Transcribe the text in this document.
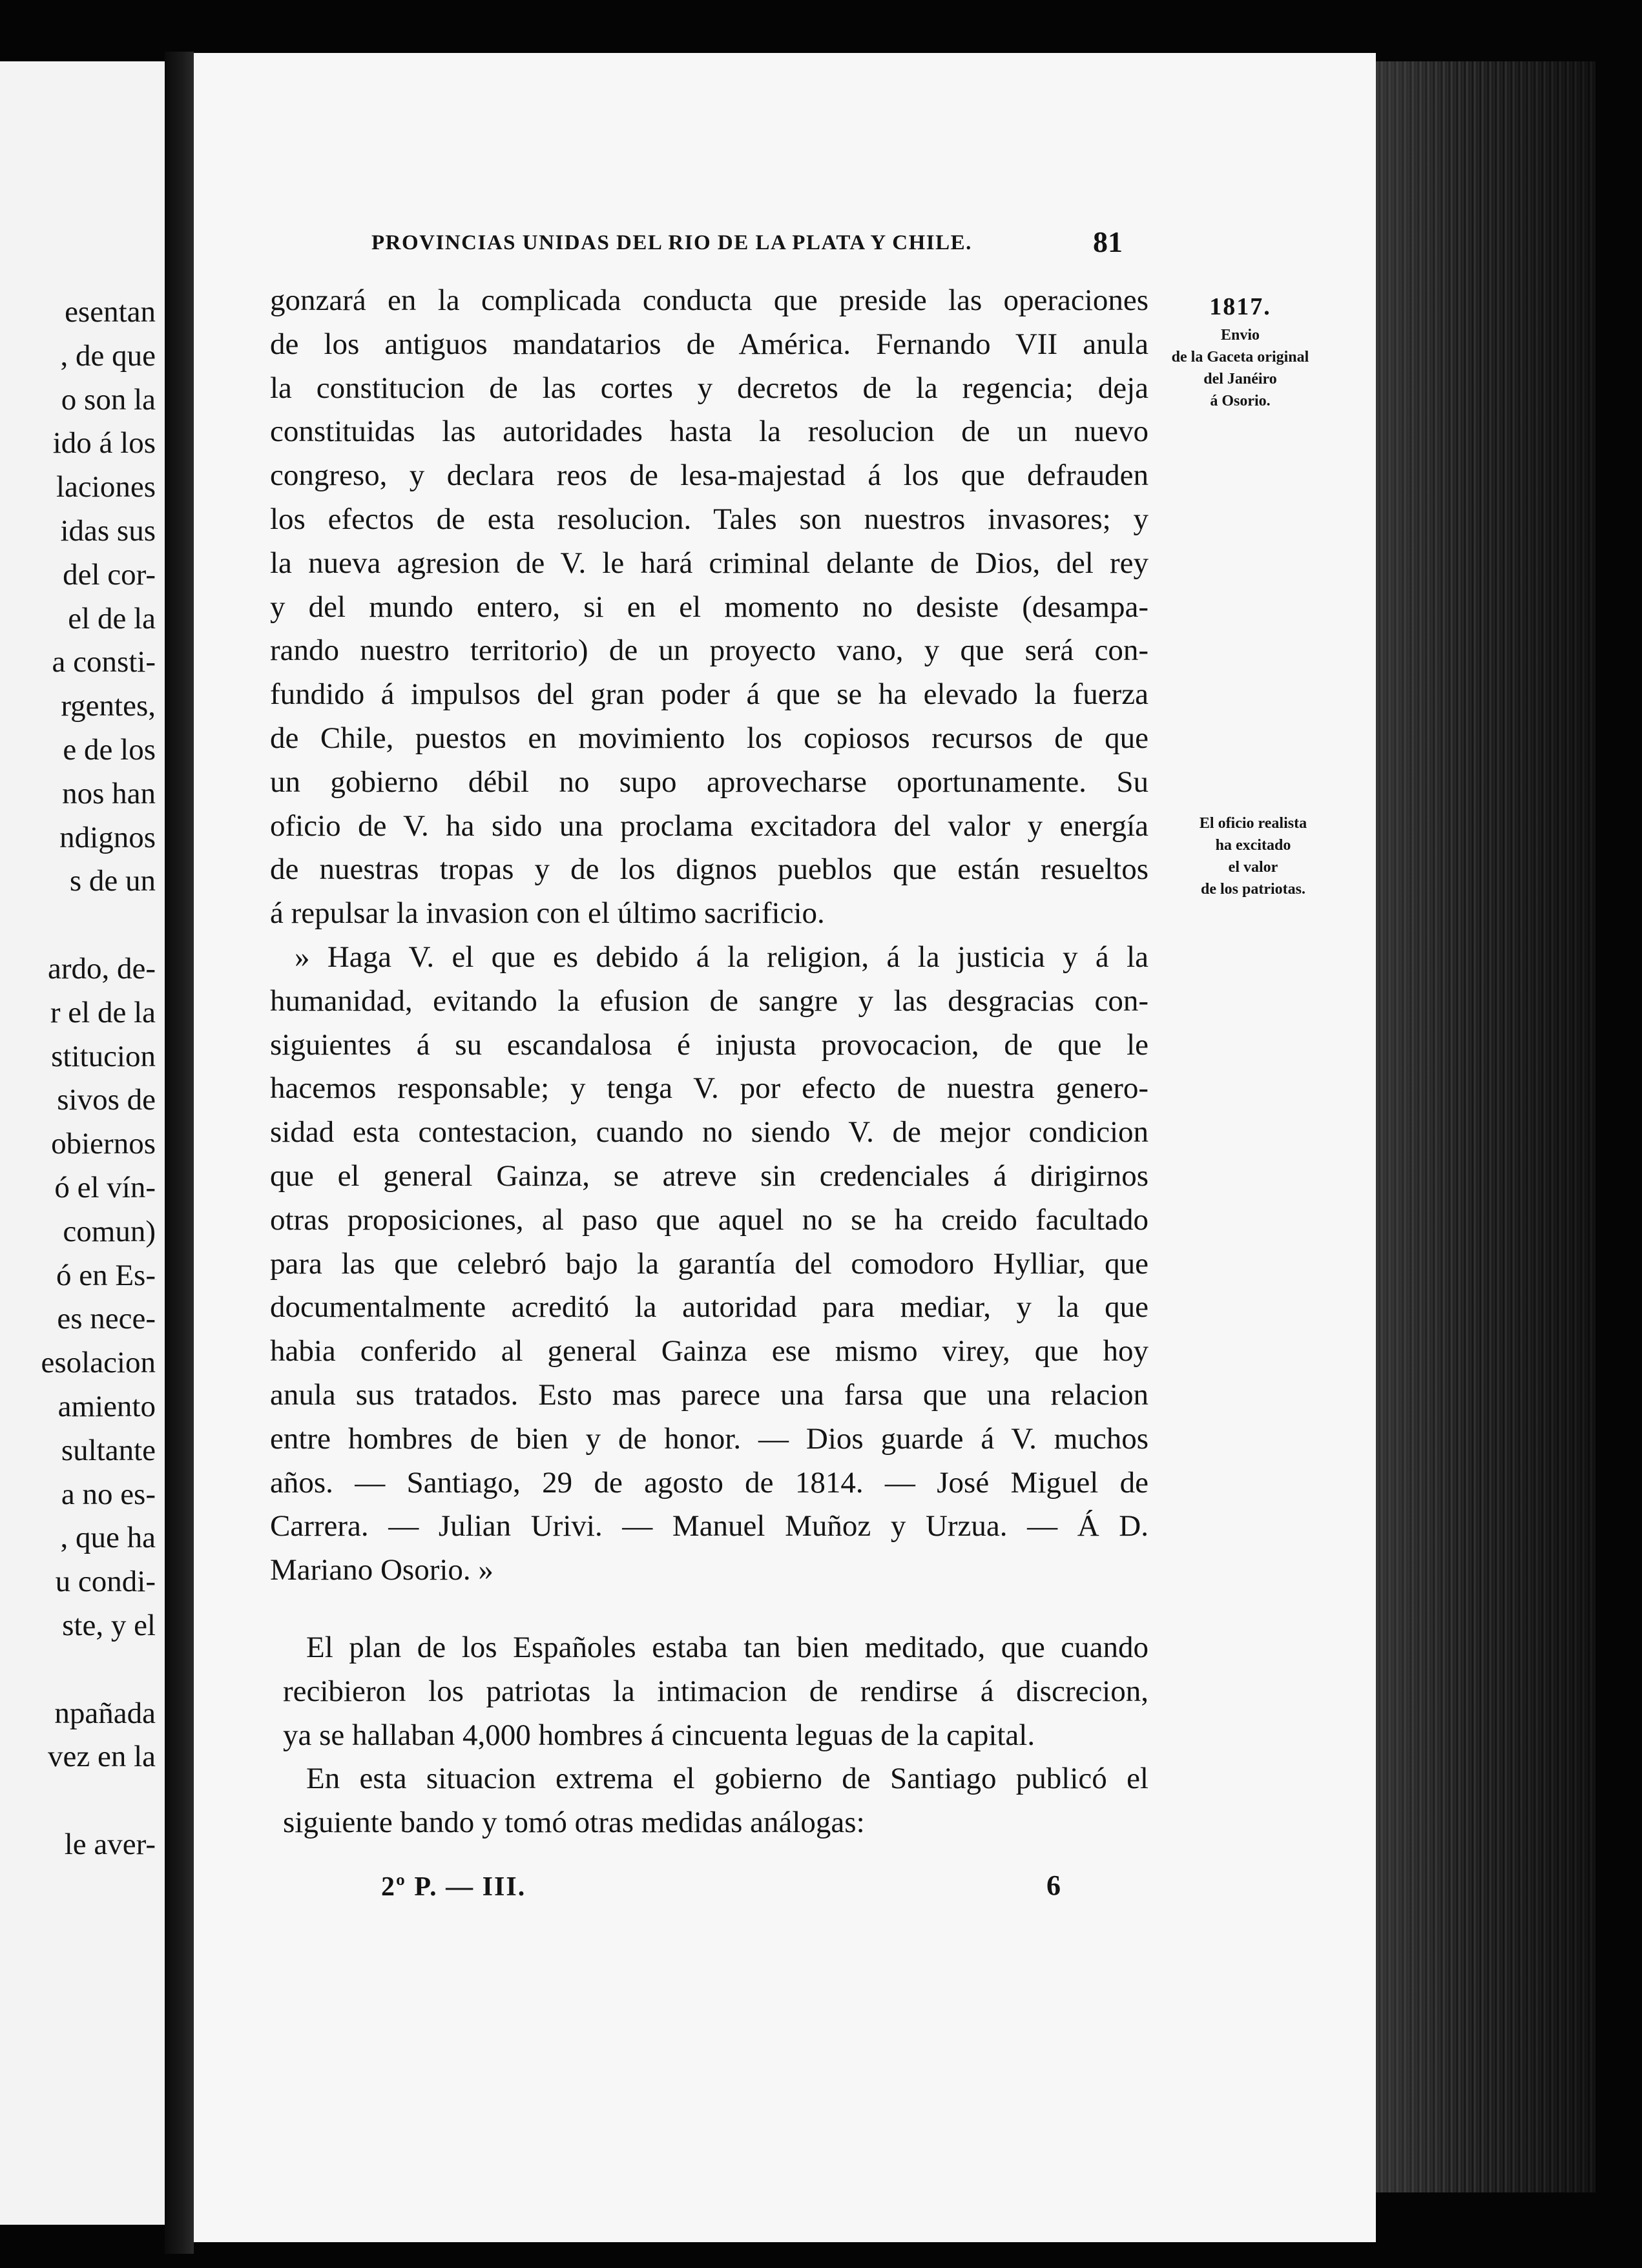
esentan
, de que
o son la
ido á los
laciones
idas sus
del cor-
el de la
a consti-
rgentes,
e de los
nos han
ndignos
s de un
ardo, de-
r el de la
stitucion
sivos de
obiernos
ó el vín-
comun)
ó en Es-
es nece-
esolacion
amiento
sultante
a no es-
, que ha
u condi-
ste, y el
npañada
vez en la
le aver-
PROVINCIAS UNIDAS DEL RIO DE LA PLATA Y CHILE.	81
1817.
Envio
de la Gaceta original
del Janéiro
á Osorio.
El oficio realista
ha excitado
el valor
de los patriotas.
gonzará en la complicada conducta que preside las operaciones
de los antiguos mandatarios de América. Fernando VII anula
la constitucion de las cortes y decretos de la regencia; deja
constituidas las autoridades hasta la resolucion de un nuevo
congreso, y declara reos de lesa-majestad á los que defrauden
los efectos de esta resolucion. Tales son nuestros invasores; y
la nueva agresion de V. le hará criminal delante de Dios, del rey
y del mundo entero, si en el momento no desiste (desampa-
rando nuestro territorio) de un proyecto vano, y que será con-
fundido á impulsos del gran poder á que se ha elevado la fuerza
de Chile, puestos en movimiento los copiosos recursos de que
un gobierno débil no supo aprovecharse oportunamente. Su
oficio de V. ha sido una proclama excitadora del valor y energía
de nuestras tropas y de los dignos pueblos que están resueltos
á repulsar la invasion con el último sacrificio.
» Haga V. el que es debido á la religion, á la justicia y á la
humanidad, evitando la efusion de sangre y las desgracias con-
siguientes á su escandalosa é injusta provocacion, de que le
hacemos responsable; y tenga V. por efecto de nuestra genero-
sidad esta contestacion, cuando no siendo V. de mejor condicion
que el general Gainza, se atreve sin credenciales á dirigirnos
otras proposiciones, al paso que aquel no se ha creido facultado
para las que celebró bajo la garantía del comodoro Hylliar, que
documentalmente acreditó la autoridad para mediar, y la que
habia conferido al general Gainza ese mismo virey, que hoy
anula sus tratados. Esto mas parece una farsa que una relacion
entre hombres de bien y de honor. — Dios guarde á V. muchos
años. — Santiago, 29 de agosto de 1814. — José Miguel de
Carrera. — Julian Urivi. — Manuel Muñoz y Urzua. — Á D.
Mariano Osorio. »
El plan de los Españoles estaba tan bien meditado, que cuando
recibieron los patriotas la intimacion de rendirse á discrecion,
ya se hallaban 4,000 hombres á cincuenta leguas de la capital.
En esta situacion extrema el gobierno de Santiago publicó el
siguiente bando y tomó otras medidas análogas:
2º P. — III.	6
